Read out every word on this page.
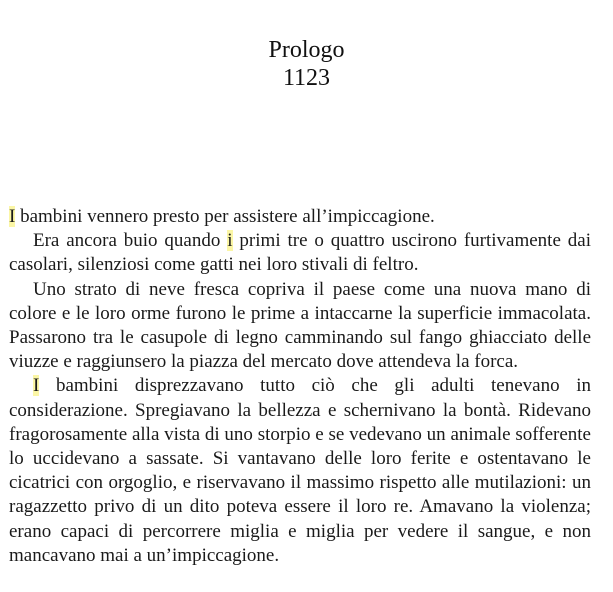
Prologo
1123

I bambini vennero presto per assistere all’impiccagione.

Era ancora buio quando i primi tre o quattro uscirono furtivamente dai casolari, silenziosi come gatti nei loro stivali di feltro.

Uno strato di neve fresca copriva il paese come una nuova mano di colore e le loro orme furono le prime a intaccarne la superficie immacolata. Passarono tra le casupole di legno camminando sul fango ghiacciato delle viuzze e raggiunsero la piazza del mercato dove attendeva la forca.

I bambini disprezzavano tutto ciò che gli adulti tenevano in considerazione. Spregiavano la bellezza e schernivano la bontà. Ridevano fragorosamente alla vista di uno storpio e se vedevano un animale sofferente lo uccidevano a sassate. Si vantavano delle loro ferite e ostentavano le cicatrici con orgoglio, e riservavano il massimo rispetto alle mutilazioni: un ragazzetto privo di un dito poteva essere il loro re. Amavano la violenza; erano capaci di percorrere miglia e miglia per vedere il sangue, e non mancavano mai a un’impiccagione.
